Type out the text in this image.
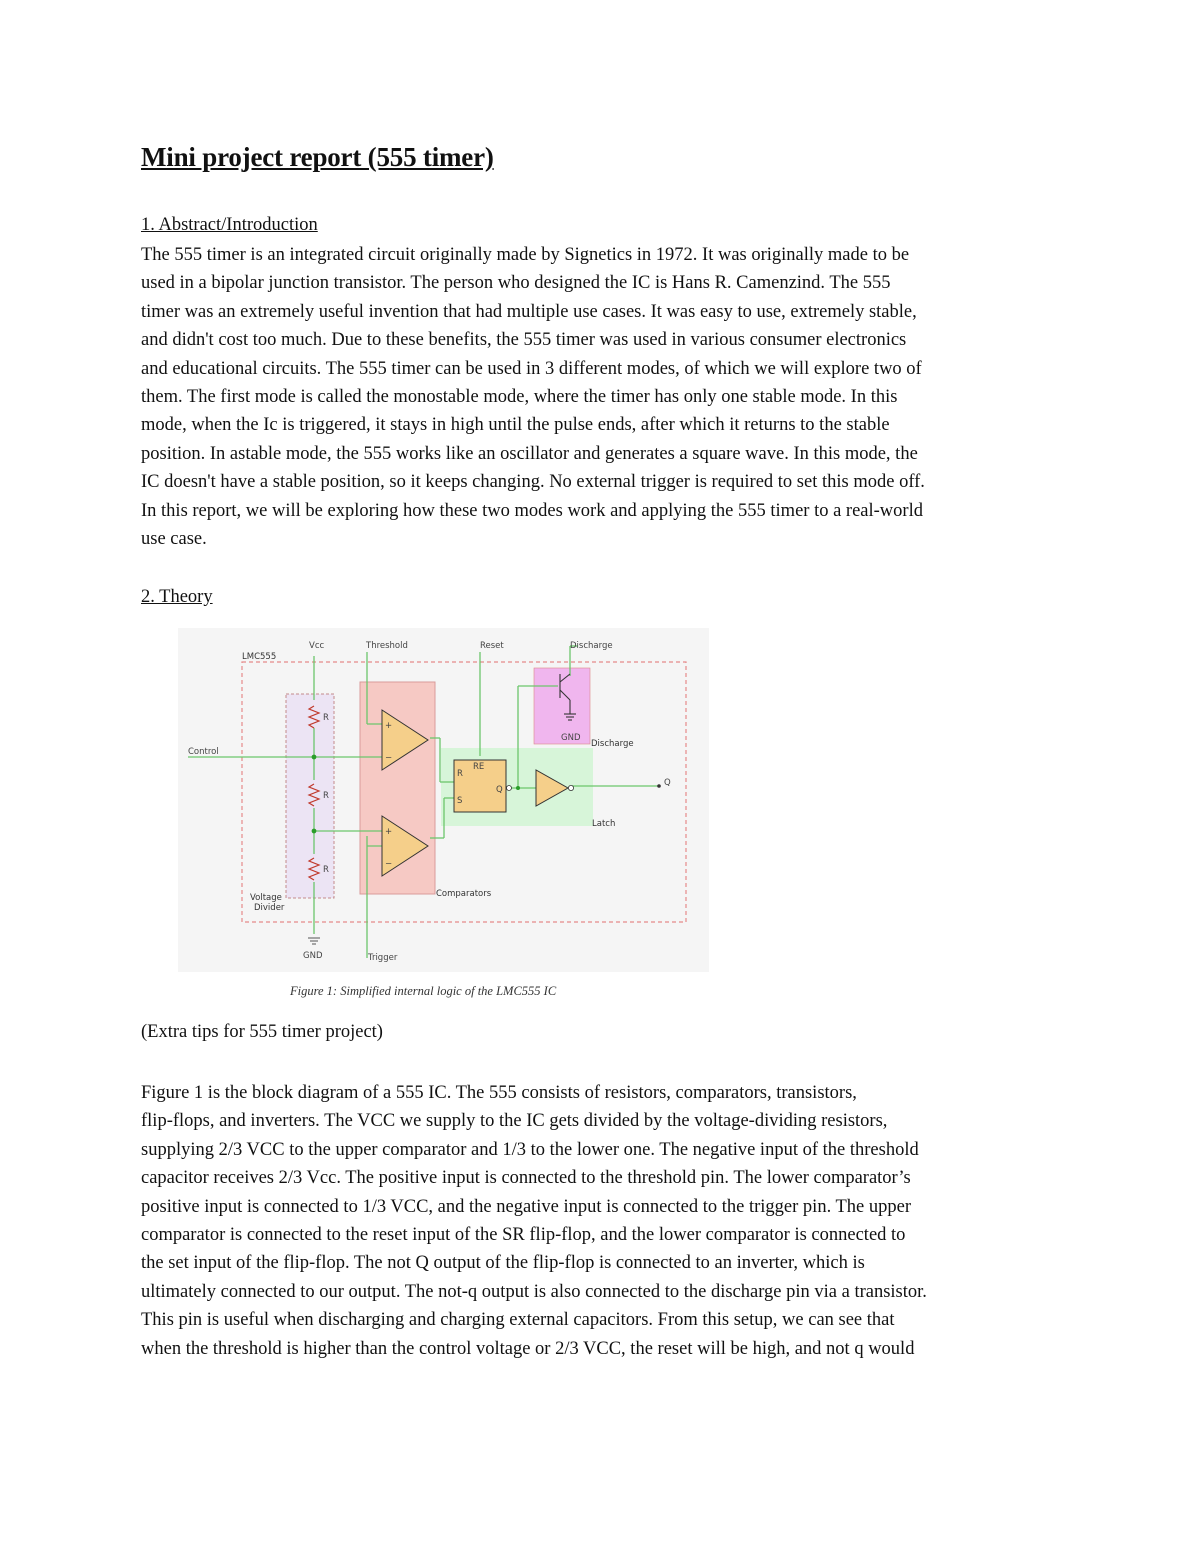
Mini project report (555 timer)

1. Abstract/Introduction

The 555 timer is an integrated circuit originally made by Signetics in 1972. It was originally made to be
used in a bipolar junction transistor. The person who designed the IC is Hans R. Camenzind. The 555
timer was an extremely useful invention that had multiple use cases. It was easy to use, extremely stable,
and didn't cost too much. Due to these benefits, the 555 timer was used in various consumer electronics
and educational circuits. The 555 timer can be used in 3 different modes, of which we will explore two of
them. The first mode is called the monostable mode, where the timer has only one stable mode. In this
mode, when the Ic is triggered, it stays in high until the pulse ends, after which it returns to the stable
position. In astable mode, the 555 works like an oscillator and generates a square wave. In this mode, the
IC doesn't have a stable position, so it keeps changing. No external trigger is required to set this mode off.
In this report, we will be exploring how these two modes work and applying the 555 timer to a real-world
use case.

2. Theory

R
R
R
+
−
+
−
R
S
Q
RE
Vcc	Threshold	Reset	Discharge
LMC555
Control
GND
Discharge
Q
Latch
Comparators
Voltage
Divider
GND	Trigger

Figure 1: Simplified internal logic of the LMC555 IC

(Extra tips for 555 timer project)

Figure 1 is the block diagram of a 555 IC. The 555 consists of resistors, comparators, transistors,
flip-flops, and inverters. The VCC we supply to the IC gets divided by the voltage-dividing resistors,
supplying 2/3 VCC to the upper comparator and 1/3 to the lower one. The negative input of the threshold
capacitor receives 2/3 Vcc. The positive input is connected to the threshold pin. The lower comparator’s
positive input is connected to 1/3 VCC, and the negative input is connected to the trigger pin. The upper
comparator is connected to the reset input of the SR flip-flop, and the lower comparator is connected to
the set input of the flip-flop. The not Q output of the flip-flop is connected to an inverter, which is
ultimately connected to our output. The not-q output is also connected to the discharge pin via a transistor.
This pin is useful when discharging and charging external capacitors. From this setup, we can see that
when the threshold is higher than the control voltage or 2/3 VCC, the reset will be high, and not q would
